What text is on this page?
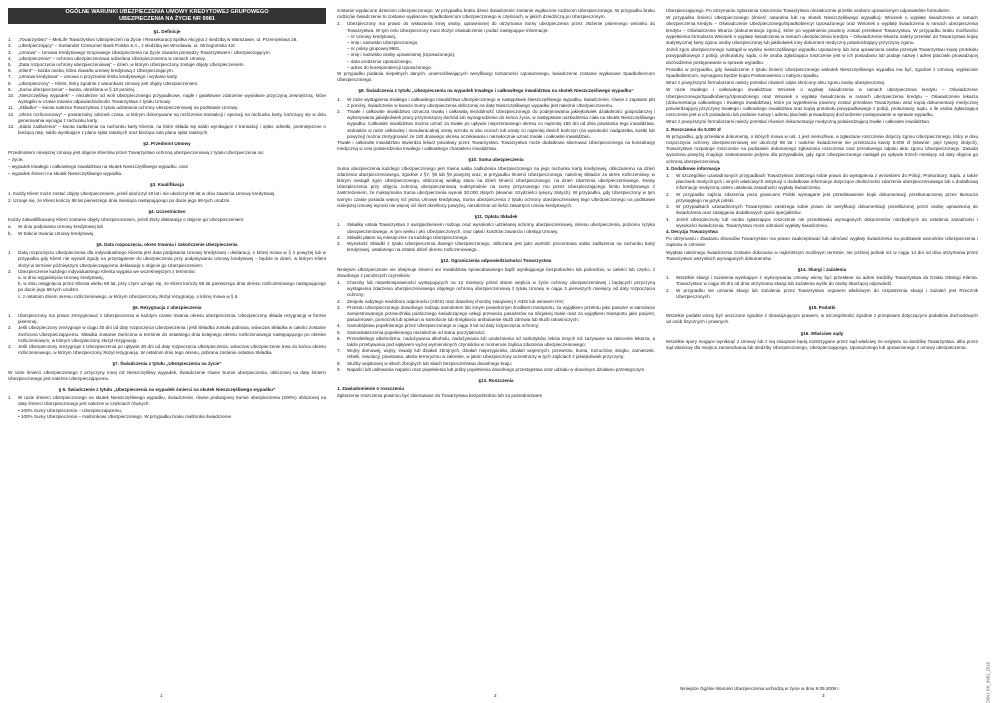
OGÓLNE WARUNKI UBEZPIECZENIA UMOWY KREDYTOWEJ GRUPOWEGO
UBEZPIECZENIA NA ŻYCIE NR 9981
§1. Definicje
1.	„Towarzystwo” – MetLife Towarzystwo Ubezpieczeń na Życie i Reasekuracji Spółka Akcyjna z siedzibą w Warszawie, ul. Przemysłowa 26.
2.	„Ubezpieczający” – Santander Consumer Bank Polska S.A., z siedzibą we Wrocławiu, ul. Strzegomska 42c
3.	„Umowa” – Umowa Kredytowego Grupowego Ubezpieczenia na Życie zawarta pomiędzy Towarzystwem i Ubezpieczającym.
4.	„Ubezpieczenie” – ochrona ubezpieczeniowa udzielana Ubezpieczonemu w ramach Umowy.
5.	„Data rozpoczęcia ochrony ubezpieczeniowej” – dzień, w którym Ubezpieczony zostaje objęty Ubezpieczeniem.
6.	„Klient” – każda osoba, która zawarła umowę kredytową z Ubezpieczającym.
7.	„Umowa kredytowa” – umowa o przyznanie limitu kredytowego i wydanie karty.
8.	„Ubezpieczony” – Klient, który zgodnie z warunkami Umowy jest objęty Ubezpieczeniem.
9.	„Suma ubezpieczenia” – kwota, określona w § 10 poniżej.
10. „Nieszczęśliwy wypadek” – niezależne od woli Ubezpieczonego przypadkowe, nagłe i gwałtowne zdarzenie wywołane przyczyną zewnętrzną, które wystąpiło w czasie trwania odpowiedzialności Towarzystwa z tytułu Umowy.
11. „Składka” – kwota należna Towarzystwu z tytułu udzielania ochrony ubezpieczeniowej na podstawie Umowy.
12. „Okres rozliczeniowy” – powtarzalny odcinek czasu, w którym dokonywane są rozliczenia transakcji i operacji na rachunku karty, kończący się w dniu generowania wyciągu z rachunku karty.
13. „Saldo zadłużenia” – kwota zadłużenia na rachunku karty Klienta, na które składa się saldo wynikające z transakcji i opłat, odsetki, pomniejszone o bieżącą ratę, saldo wynikające z planu spłat ratalnych oraz bieżąca rata planu spłat ratalnych.
§2. Przedmiot Umowy
Przedmiotem niniejszej Umowy jest objęcie Klientów przez Towarzystwo ochroną ubezpieczeniową z tytułu Ubezpieczenia na:
– życie,
– wypadek trwałego i całkowitego inwalidztwa na skutek Nieszczęśliwego wypadku, oraz
– wypadek śmierci na skutek Nieszczęśliwego wypadku.
§3. Kwalifikacja
1. Każdy Klient może zostać objęty Ubezpieczeniem, jeżeli ukończył 18 lat i nie ukończył 68 lat w dniu zawarcia Umowy kredytowej.
2. Uznaje się, że Klient kończy 68 lat pierwszego dnia miesiąca następującego po dacie jego 68-tych urodzin.
§4. Uczestnictwo
Każdy zakwalifikowany Klient zostanie objęty Ubezpieczeniem, jeżeli złoży deklarację o objęcie go Ubezpieczeniem:
a.	W dniu podpisania Umowy kredytowej lub
b.	W trakcie trwania Umowy kredytowej.
§5. Data rozpoczęcia, okres trwania i zakończenie Ubezpieczenia
1.	Datą rozpoczęcia Ubezpieczenia dla indywidualnego Klienta jest data podpisania Umowy kredytowej i deklaracji, o której mowa w § 4 powyżej lub w przypadku gdy Klient nie wyraził zgody na przystąpienie do ubezpieczenia przy podpisywaniu Umowy kredytowej – będzie to dzień, w którym Klient złożył w terminie późniejszym Ubezpieczającemu deklarację o objęcie go Ubezpieczeniem.
2.	Ubezpieczenie każdego indywidualnego Klienta wygasa we wcześniejszym z terminów:
a. w dniu wygaśnięcia Umowy kredytowej,
b. w dniu osiągnięcia przez Klienta wieku 68 lat, przy czym uznaje się, że Klient kończy 68 lat pierwszego dnia okresu rozliczeniowego następującego po dacie jego 68-tych urodzin.
c. z ostatnim dniem okresu rozliczeniowego, w którym Ubezpieczony złożył rezygnację, o której mowa w § 6.
§6. Rezygnacja z ubezpieczenia
1.	Ubezpieczony ma prawo zrezygnować z Ubezpieczenia w każdym czasie trwania okresu ubezpieczenia. Ubezpieczony składa rezygnację w formie pisemnej.
2.	Jeśli Ubezpieczony zrezygnuje w ciągu 30 dni od daty rozpoczęcia Ubezpieczenia i jeśli Składka została pobrana, wówczas Składka w całości zostanie zwrócona Ubezpieczającemu. Składka zostanie zwrócona w terminie do ostatniego dnia kolejnego okresu rozliczeniowego następującego po okresie rozliczeniowym, w którym Ubezpieczony złożył rezygnację.
3.	Jeśli Ubezpieczony zrezygnuje z Ubezpieczenia po upływie 30 dni od daty rozpoczęcia Ubezpieczenia, wówczas Ubezpieczenie trwa do końca okresu rozliczeniowego, w którym Ubezpieczony złożył rezygnację. W ostatnim dniu tego okresu, pobrana zostanie ostatnia Składka
§7. Świadczenia z tytułu „Ubezpieczenia na życie”
W razie śmierci Ubezpieczonego z przyczyny innej niż Nieszczęśliwy wypadek, Świadczenie równe Sumie ubezpieczenia, obliczonej na datę śmierci Ubezpieczonego jest należne Ubezpieczającemu.
§ 8. Świadczenie z tytułu „Ubezpieczenia na wypadek śmierci na skutek Nieszczęśliwego wypadku”
1.	W razie śmierci Ubezpieczonego na skutek Nieszczęśliwego wypadku, świadczenie, równe podwojonej Sumie ubezpieczenia (200%) obliczonej na datę śmierci Ubezpieczonego jest należne w częściach równych:
• 100% Sumy Ubezpieczenia – Ubezpieczającemu,
• 100% Sumy Ubezpieczenia – małżonkowi Ubezpieczonego. W przypadku braku małżonka świadczenie
zostanie wypłacone dzieciom Ubezpieczonego. W przypadku braku dzieci świadczenie zostanie wypłacone rodzicom Ubezpieczonego. W przypadku braku rodziców świadczenie to zostanie wypłacone Spadkobiercom Ubezpieczonego w częściach, w jakich dziedziczą po Ubezpieczonym.
2.	Ubezpieczony ma prawo do wskazania innej osoby, uprawnionej do otrzymania Sumy ubezpieczenia przez złożenie pisemnego wniosku do Towarzystwa. W tym celu Ubezpieczony musi złożyć oświadczenie i podać następujące informacje:
– nr Umowy kredytowej,
– imię i nazwisko Ubezpieczonego,
– nr polisy grupowej 9981,
– imię i nazwisko osoby uprawnionej (Uposażonego),
– data urodzenia Uposażonego,
– adres do korespondencji Uposażonego.
W przypadku podania niepełnych danych, uniemożliwiających weryfikację tożsamości Uposażonego, świadczenie zostanie wypłacane Spadkobiercom Ubezpieczonego.
§9. Świadczenia z tytułu „Ubezpieczenia na wypadek trwałego i całkowitego inwalidztwa na skutek Nieszczęśliwego wypadku”
1.	W razie wystąpienia trwałego i całkowitego inwalidztwa Ubezpieczonego w następstwie Nieszczęśliwego wypadku, świadczenie, równe z zapisami pkt 2 poniżej, świadczenie w kwocie Sumy ubezpieczenia obliczonej na datę Nieszczęśliwego wypadku jest należne Ubezpieczonemu.
2.	Trwałe i całkowite inwalidztwo oznacza trwałą i całkowitą niezdolność Ubezpieczonego do podejmowania jakiejkolwiek działalności gospodarczej i wykonywania jakiejkolwiek pracy przynoszącej dochód lub wynagrodzenie do końca życia, w następstwie uszkodzenia ciała na skutek Nieszczęśliwego wypadku. Całkowite inwalidztwo można uznać za trwałe po upływie nieprzerwanego okresu co najmniej 180 dni od dnia powstania tego inwalidztwa. Jednakże w razie całkowitej i nieodwracalnej utraty wzroku w obu oczach lub utraty co najmniej dwóch kończyn (na wysokości nadgarstka, kostki lub powyżej) można zrezygnować ze 180 dniowego okresu oczekiwania i niezwłocznie uznać trwałe i całkowite inwalidztwo.
Trwałe i całkowite inwalidztwo stwierdza lekarz powołany przez Towarzystwo. Towarzystwo może dodatkowo skierować Ubezpieczonego na konsultację medyczną w celu potwierdzenia trwałego i całkowitego charakteru inwalidztwa.
§10. Suma ubezpieczenia
Suma ubezpieczenia każdego Ubezpieczonego jest równa saldu zadłużenia Ubezpieczonego na jego rachunku karty kredytowej, obliczanemu na dzień zdarzenia ubezpieczeniowego, zgodnie z §7, §8 lub §9 powyżej oraz, w przypadku śmierci Ubezpieczonego, należnej Składce za okres rozliczeniowy, w którym nastąpił zgon Ubezpieczonego, obliczonej według stanu na dzień śmierci Ubezpieczonego, na dzień zdarzenia ubezpieczeniowego. Kwoty Ubezpieczenia przy objęciu ochroną ubezpieczeniową maksymalnie na sumę przyznanego mu przez Ubezpieczającego limitu kredytowego z zastrzeżeniem, że maksymalna Suma ubezpieczenia wynosi 30.000 złotych (słownie: trzydzieści tysięcy złotych). W przypadku, gdy Ubezpieczony w tym samym czasie posiada więcej niż jedną Umowę kredytową, Suma ubezpieczenia z tytułu ochrony ubezpieczeniowej tego Ubezpieczonego na podstawie niniejszej Umowy wynosi nie więcej niż limit określony powyżej, niezależnie od ilości zawartych Umów kredytowych.
§11. Opłata Składek
1.	Składkę ustala Towarzystwo z uwzględnieniem rodzaju oraz wysokości udzielanej ochrony ubezpieczeniowej, okresu ubezpieczenia, poziomu ryzyka ubezpieczeniowego, w tym wieku i płci Ubezpieczonych, oraz opłat i kosztów zawarcia i obsługi Umowy.
2.	Składki płatne są miesięcznie za każdego Ubezpieczonego.
3.	Wysokość Składki z tytułu Ubezpieczenia danego Ubezpieczonego, obliczana jest jako wartość procentowa salda zadłużenia na rachunku karty kredytowej, ustalanego na ostatni dzień okresu rozliczeniowego.
§12. Ograniczenia odpowiedzialności Towarzystwa
Niniejsze Ubezpieczenie nie obejmuje śmierci ani inwalidztwa spowodowanego bądź wynikającego bezpośrednio lub pośrednio, w całości lub części, z dowolnego z poniższych czynników:
1.	Choroby lub niepełnosprawności występujących na 12 miesięcy przed dniem wejścia w życie ochrony ubezpieczeniowej i będących przyczyną wystąpienia zdarzenia ubezpieczeniowego objętego ochroną ubezpieczeniową z tytułu Umowy w ciągu 3 pierwszych miesięcy od daty rozpoczęcia ochrony;
2.	Zespołu nabytego niedoboru odporności (AIDS) oraz dowolnej choroby związanej z AIDS lub wirusem HIV;
3.	Przelotu Ubezpieczonego dowolnego rodzaju samolotem lub innym powietrznym środkiem transportu, za wyjątkiem przelotu jako pasażer w samolocie zarejestrowanego przewoźnika publicznego świadczącego usługi przewozu pasażerów na oficjalnej trasie oraz za wyjątkiem transportu jako pacjent, pasażerowie, pomocnik lub opiekun w samolocie lub śmigłowcu ambulansie służb zdrowia lub służb ratowniczych;
4.	Samobójstwa popełnionego przez Ubezpieczonego w ciągu 2 lat od daty rozpoczęcia ochrony;
5.	Samookaleczenia popełnionego niezależnie od stanu poczytalności;
6.	Przewlekłego alkoholizmu, nadużywania alkoholu, nadużywania lub uzależnienia od narkotyków, leków innych niż zażywane na zalecenie lekarza, a także przebywania pod wpływem wyżej wymienionych czynników w momencie zajścia zdarzenia ubezpieczeniowego;
7.	Wojny domowej, wojny, inwazji lub działań zbrojnych, działań nieprzyjaciela, działań wojennych, przewrotu, buntu, rozruchów, strajku, zamieszek, rebelii, rewolucji, powstania, aktów terroryzmu w zakresie, w jakim Ubezpieczony uczestniczy w tych zajściach z jakiejkolwiek przyczyny;
8.	Służby wojskowej w siłach zbrojnych lub siłach bezpieczeństwa dowolnego kraju;
9.	Napaści lub usiłowania napaści oraz popełnienia lub próby popełnienia dowolnego przestępstwa oraz udziału w dowolnym działaniu przestępczym.
§13. Roszczenia
1. Zawiadomienie o roszczeniu
Zgłoszenie roszczenia powinno być skierowane do Towarzystwa bezpośrednio lub za pośrednictwem
Ubezpieczającego. Po otrzymaniu zgłoszenia roszczenia Towarzystwo niezwłocznie prześle osobom uprawnionym odpowiednie formularze:
W przypadku śmierci Ubezpieczonego (śmierć naturalna lub na skutek Nieszczęśliwego wypadku): Wniosek o wypłatę świadczenia w ramach ubezpieczenia kredytu – Oświadczenie Ubezpieczonego/Spadkobiercy/ Uposażonego oraz Wniosek o wypłatę świadczenia w ramach ubezpieczenia kredytu – Oświadczenie lekarza (dokumentacja zgonu), które po wypełnieniu powinny zostać przesłane Towarzystwu. W przypadku braku możliwości wypełnienia formularza Wniosek o wypłatę świadczenia w ramach ubezpieczenia kredytu – Oświadczenie lekarza należy przesłać do Towarzystwa kopię statystycznej karty zgonu osoby Ubezpieczonej lub jakikolwiek inny dokument medyczny potwierdzający przyczynę zgonu.
Jeżeli zgon ubezpieczonego nastąpił w wyniku nieszczęśliwego wypadku Uposażony lub inna uprawniona osoba przesyła Towarzystwu kopię protokołu powypadkowego z policji, prokuratury, sądu, o ile osoba zgłaszająca roszczenie jest w ich posiadaniu lub podaje nazwę i adres placówki prowadzącej dochodzenie postępowanie w sprawie wypadku.
Ponadto w przypadku, gdy świadczenie z tytułu śmierci Ubezpieczonego wskutek Nieszczęśliwego wypadku ma być, zgodnie z Umową, wypłacone Spadkobiercom, wymagana będzie kopia Postanowienia o nabyciu spadku.
Wraz z powyższymi formularzami należy przesłać również odpis skrócony aktu zgonu osoby ubezpieczonej.
W razie trwałego i całkowitego inwalidztwa: Wniosek o wypłatę świadczenia w ramach ubezpieczenia kredytu – Oświadczenie Ubezpieczonego/Spadkobiercy/Uposażonego oraz Wniosek o wypłatę świadczenia w ramach ubezpieczenia kredytu – Oświadczenie lekarza (dokumentacja całkowitego i trwałego inwalidztwa), które po wypełnieniu powinny zostać przesłane Towarzystwu wraz kopią dokumentacji medycznej potwierdzającej przyczynę trwałego i całkowitego inwalidztwa oraz kopią protokołu powypadkowego z policji, prokuratury, sądu, o ile osoba zgłaszająca roszczenie jest w ich posiadaniu lub podanie nazwy i adresu placówki prowadzącej dochodzenie postępowanie w sprawie wypadku.
Wraz z powyższymi formularzami należy przesłać również dokumentację medyczną potwierdzającą trwałe i całkowite inwalidztwo.
2. Roszczenia do 5.000 zł
W przypadku, gdy przesłane dokumenty, o których mowa w ust. 1 jest niemożliwe, a zgłaszane roszczenie dotyczy zgonu Ubezpieczonego, który w dniu rozpoczęcia ochrony ubezpieczeniowej nie ukończył 68 lat i należne świadczenie nie przekracza kwoty 5.000 zł (słownie: pięć tysięcy złotych), Towarzystwo rozpatruje roszczenie na podstawie dokonanego zgłoszenia roszczenia oraz przesłanego odpisu aktu zgonu Ubezpieczonego. Zasada wyrażona powyżej znajduje zastosowanie jedynie dla przypadków, gdy zgon Ubezpieczonego nastąpił po upływie trzech miesięcy od daty objęcia go ochroną ubezpieczeniową.
3. Dodatkowe informacje
1.	W szczególnie uzasadnionych przypadkach Towarzystwo zastrzega sobie prawo do wystąpienia z wnioskiem do Policji, Prokuratury, Sądu, a także placówek medycznych i innych właściwych instytucji o dodatkowe informacje dotyczące okoliczności zdarzenia ubezpieczeniowego lub o dodatkową informację medyczną celem ustalenia zasadności wypłaty świadczenia.
2.	W przypadku zajścia zdarzenia poza granicami Polski wymagane jest przedstawienie kopii dokumentacji przetłumaczonej przez tłumacza przysięgłego na język polski.
3.	W przypadkach uzasadnionych Towarzystwo zastrzega sobie prawo do weryfikacji dokumentacji przedłożonej przez osobę uprawnioną do świadczenia oraz zasięgania dodatkowych opinii specjalistów.
4.	Jeżeli Ubezpieczony lub osoba zgłaszająca roszczenie nie przedstawią wymaganych dokumentów niezbędnych do ustalenia zasadności i wysokości świadczenia, Towarzystwo może odmówić wypłaty świadczenia.
4. Decyzja Towarzystwa
Po otrzymaniu i zbadaniu dowodów Towarzystwo ma prawo zaakceptować lub odmówić wypłaty świadczenia na podstawie warunków Ubezpieczenia i zapisów w Umowie.
Wypłata należnego świadczenia zostanie dokonana w najkrótszym możliwym terminie, nie później jednak niż w ciągu 14 dni od dnia otrzymania przez Towarzystwo wszystkich wymaganych dokumentów.
§14. Skargi i zażalenia
1.	Wszelkie skargi i zażalenia wynikające z wykonywania Umowy winny być przesłane na adres siedziby Towarzystwa do Działu Obsługi Klienta. Towarzystwo w ciągu 30 dni od dnia otrzymania skargi lub zażalenia wyśle do osoby skarżącej odpowiedź.
2.	W przypadku nie uznania skargi lub zażalenia przez Towarzystwo organem właściwym do rozpatrzenia skargi i zażaleń jest Rzecznik Ubezpieczonych.
§15. Podatki
Wszelkie podatki winny być uiszczane zgodnie z obowiązującym prawem, w szczególności zgodnie z przepisami dotyczącymi podatków dochodowych od osób fizycznych i prawnych.
§16. Właściwe sądy
Wszelkie spory mogące wyniknąć z Umowy lub z nią związane będą rozstrzygane przez sąd właściwy ze względu na siedzibę Towarzystwa, albo przez sąd właściwy dla miejsca zamieszkania lub siedziby Ubezpieczonego, Ubezpieczającego, Uposażonego lub uprawnionego z umowy ubezpieczenia.
1	2	3
Niniejsze Ogólne Warunki Ubezpieczenia wchodzą w życie w dniu 9.09.2009 r.	OWU_KK_9981_2018
